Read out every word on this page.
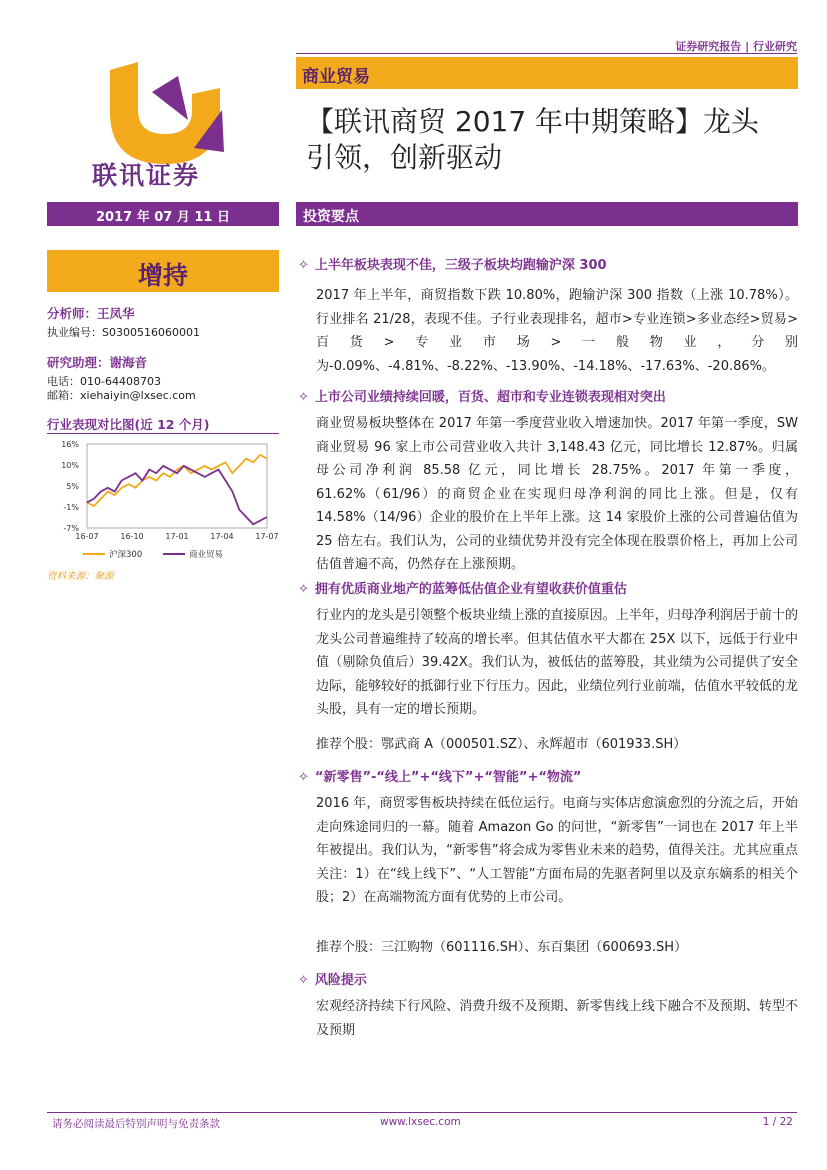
证券研究报告 | 行业研究
联讯证券
商业贸易
【联讯商贸 2017 年中期策略】龙头
引领，创新驱动
2017 年 07 月 11 日	投资要点
增持
分析师：王凤华
执业编号：S0300516060001
研究助理：谢海音
电话：010-64408703
邮箱：xiehaiyin@lxsec.com
行业表现对比图(近 12 个月)
16%
10%
5%
-1%
-7%
16-07	16-10	17-01	17-04	17-07
沪深300	商业贸易
资料来源：聚源
✧ 上半年板块表现不佳，三级子板块均跑输沪深 300
2017 年上半年，商贸指数下跌 10.80%，跑输沪深 300 指数（上涨 10.78%）。行业排名 21/28，表现不佳。子行业表现排名，超市>专业连锁>多业态经>贸易>百货>专业市场>一般物业，分别为-0.09%、-4.81%、-8.22%、-13.90%、-14.18%、-17.63%、-20.86%。
✧ 上市公司业绩持续回暖，百货、超市和专业连锁表现相对突出
商业贸易板块整体在 2017 年第一季度营业收入增速加快。2017 年第一季度，SW 商业贸易 96 家上市公司营业收入共计 3,148.43 亿元，同比增长 12.87%。归属母公司净利润 85.58 亿元，同比增长 28.75%。2017 年第一季度，61.62%（61/96）的商贸企业在实现归母净利润的同比上涨。但是，仅有 14.58%（14/96）企业的股价在上半年上涨。这 14 家股价上涨的公司普遍估值为 25 倍左右。我们认为，公司的业绩优势并没有完全体现在股票价格上，再加上公司估值普遍不高，仍然存在上涨预期。
✧ 拥有优质商业地产的蓝筹低估值企业有望收获价值重估
行业内的龙头是引领整个板块业绩上涨的直接原因。上半年，归母净利润居于前十的龙头公司普遍维持了较高的增长率。但其估值水平大都在 25X 以下，远低于行业中值（剔除负值后）39.42X。我们认为，被低估的蓝筹股，其业绩为公司提供了安全边际，能够较好的抵御行业下行压力。因此，业绩位列行业前端，估值水平较低的龙头股，具有一定的增长预期。
推荐个股：鄂武商 A（000501.SZ）、永辉超市（601933.SH）
✧ “新零售”-“线上”+“线下”+“智能”+“物流”
2016 年，商贸零售板块持续在低位运行。电商与实体店愈演愈烈的分流之后，开始走向殊途同归的一幕。随着 Amazon Go 的问世，“新零售”一词也在 2017 年上半年被提出。我们认为，“新零售”将会成为零售业未来的趋势，值得关注。尤其应重点关注：1）在“线上线下”、“人工智能”方面布局的先驱者阿里以及京东嫡系的相关个股；2）在高端物流方面有优势的上市公司。
推荐个股：三江购物（601116.SH）、东百集团（600693.SH）
✧ 风险提示
宏观经济持续下行风险、消费升级不及预期、新零售线上线下融合不及预期、转型不及预期
请务必阅读最后特别声明与免责条款	www.lxsec.com	1 / 22
